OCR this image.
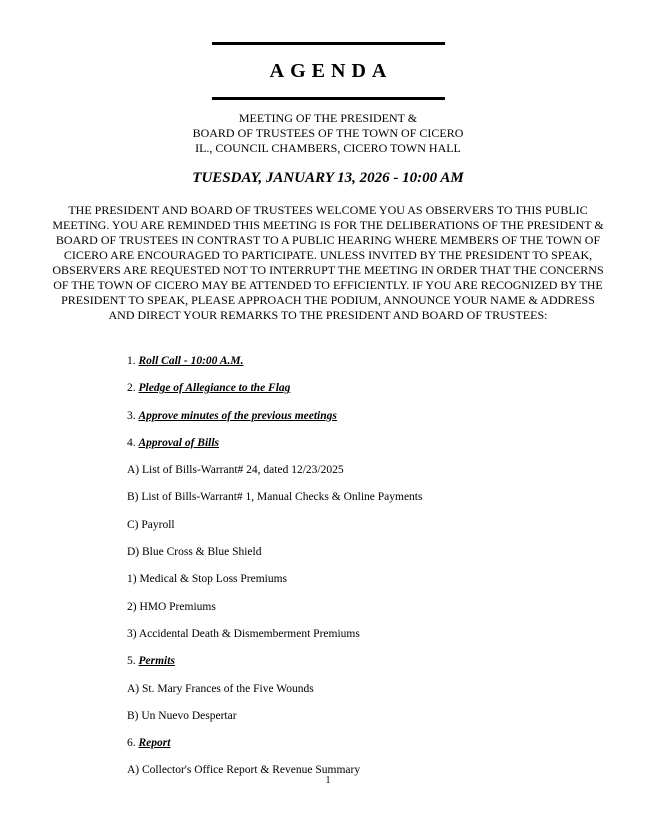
AGENDA
MEETING OF THE PRESIDENT &
BOARD OF TRUSTEES OF THE TOWN OF CICERO
IL., COUNCIL CHAMBERS, CICERO TOWN HALL
TUESDAY, JANUARY 13, 2026 - 10:00 AM
THE PRESIDENT AND BOARD OF TRUSTEES WELCOME YOU AS OBSERVERS TO THIS PUBLIC MEETING. YOU ARE REMINDED THIS MEETING IS FOR THE DELIBERATIONS OF THE PRESIDENT & BOARD OF TRUSTEES IN CONTRAST TO A PUBLIC HEARING WHERE MEMBERS OF THE TOWN OF CICERO ARE ENCOURAGED TO PARTICIPATE. UNLESS INVITED BY THE PRESIDENT TO SPEAK, OBSERVERS ARE REQUESTED NOT TO INTERRUPT THE MEETING IN ORDER THAT THE CONCERNS OF THE TOWN OF CICERO MAY BE ATTENDED TO EFFICIENTLY. IF YOU ARE RECOGNIZED BY THE PRESIDENT TO SPEAK, PLEASE APPROACH THE PODIUM, ANNOUNCE YOUR NAME & ADDRESS AND DIRECT YOUR REMARKS TO THE PRESIDENT AND BOARD OF TRUSTEES:
1. Roll Call - 10:00 A.M.
2. Pledge of Allegiance to the Flag
3. Approve minutes of the previous meetings
4. Approval of Bills
A) List of Bills-Warrant# 24, dated 12/23/2025
B) List of Bills-Warrant# 1, Manual Checks & Online Payments
C) Payroll
D) Blue Cross & Blue Shield
1) Medical & Stop Loss Premiums
2) HMO Premiums
3) Accidental Death & Dismemberment Premiums
5. Permits
A) St. Mary Frances of the Five Wounds
B) Un Nuevo Despertar
6. Report
A) Collector's Office Report & Revenue Summary
1
